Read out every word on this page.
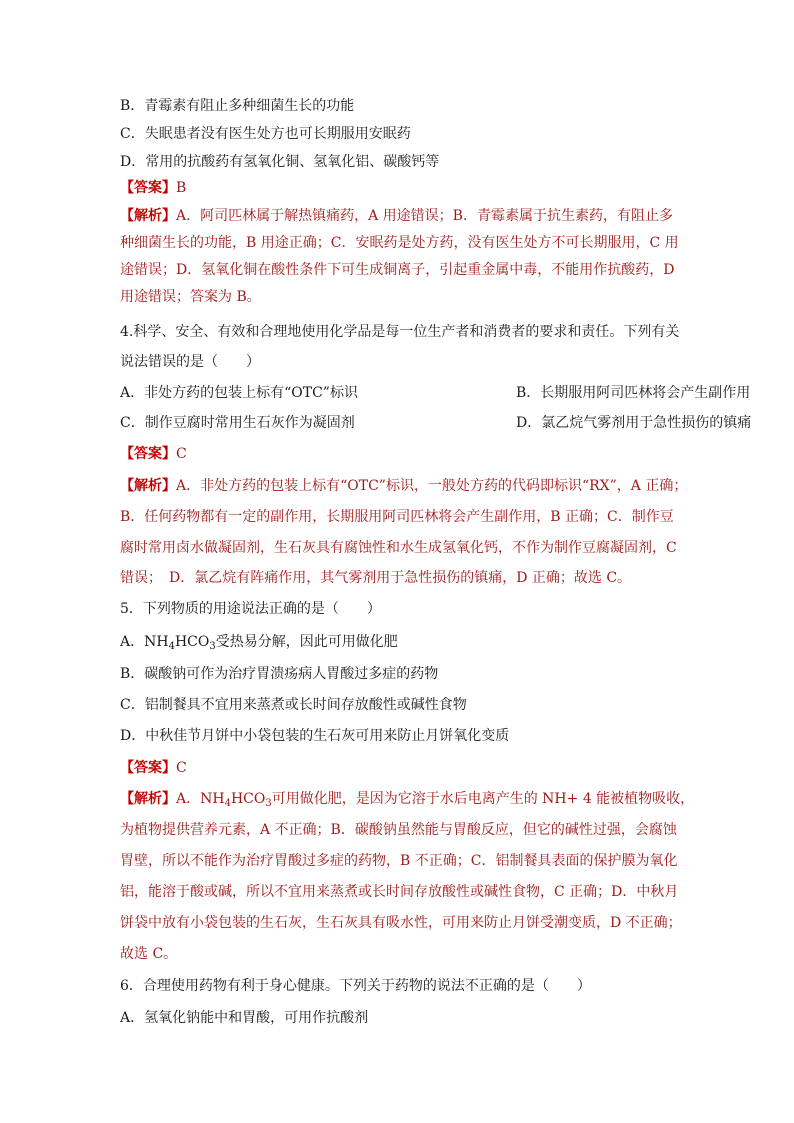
B．青霉素有阻止多种细菌生长的功能
C．失眠患者没有医生处方也可长期服用安眠药
D．常用的抗酸药有氢氧化铜、氢氧化铝、碳酸钙等
【答案】B
【解析】A．阿司匹林属于解热镇痛药，A 用途错误；B．青霉素属于抗生素药，有阻止多
种细菌生长的功能，B 用途正确；C．安眠药是处方药，没有医生处方不可长期服用，C 用
途错误；D．氢氧化铜在酸性条件下可生成铜离子，引起重金属中毒，不能用作抗酸药，D
用途错误；答案为 B。
4.科学、安全、有效和合理地使用化学品是每一位生产者和消费者的要求和责任。下列有关
说法错误的是（　　）
A．非处方药的包装上标有“OTC”标识	B．长期服用阿司匹林将会产生副作用
C．制作豆腐时常用生石灰作为凝固剂	D．氯乙烷气雾剂用于急性损伤的镇痛
【答案】C
【解析】A．非处方药的包装上标有“OTC”标识，一般处方药的代码即标识“RX”，A 正确；
B．任何药物都有一定的副作用，长期服用阿司匹林将会产生副作用，B 正确；C．制作豆
腐时常用卤水做凝固剂，生石灰具有腐蚀性和水生成氢氧化钙，不作为制作豆腐凝固剂，C
错误；　D．氯乙烷有阵痛作用，其气雾剂用于急性损伤的镇痛，D 正确；故选 C。
5．下列物质的用途说法正确的是（　　）
A．$NH_4HCO_3$受热易分解，因此可用做化肥
B．碳酸钠可作为治疗胃溃疡病人胃酸过多症的药物
C．铝制餐具不宜用来蒸煮或长时间存放酸性或碱性食物
D．中秋佳节月饼中小袋包装的生石灰可用来防止月饼氧化变质
【答案】C
【解析】A．$NH_4HCO_3$可用做化肥，是因为它溶于水后电离产生的 NH+ 4 能被植物吸收，
为植物提供营养元素，A 不正确；B．碳酸钠虽然能与胃酸反应，但它的碱性过强，会腐蚀
胃壁，所以不能作为治疗胃酸过多症的药物，B 不正确；C．铝制餐具表面的保护膜为氧化
铝，能溶于酸或碱，所以不宜用来蒸煮或长时间存放酸性或碱性食物，C 正确；D．中秋月
饼袋中放有小袋包装的生石灰，生石灰具有吸水性，可用来防止月饼受潮变质，D 不正确；
故选 C。
6．合理使用药物有利于身心健康。下列关于药物的说法不正确的是（　　）
A．氢氧化钠能中和胃酸，可用作抗酸剂
